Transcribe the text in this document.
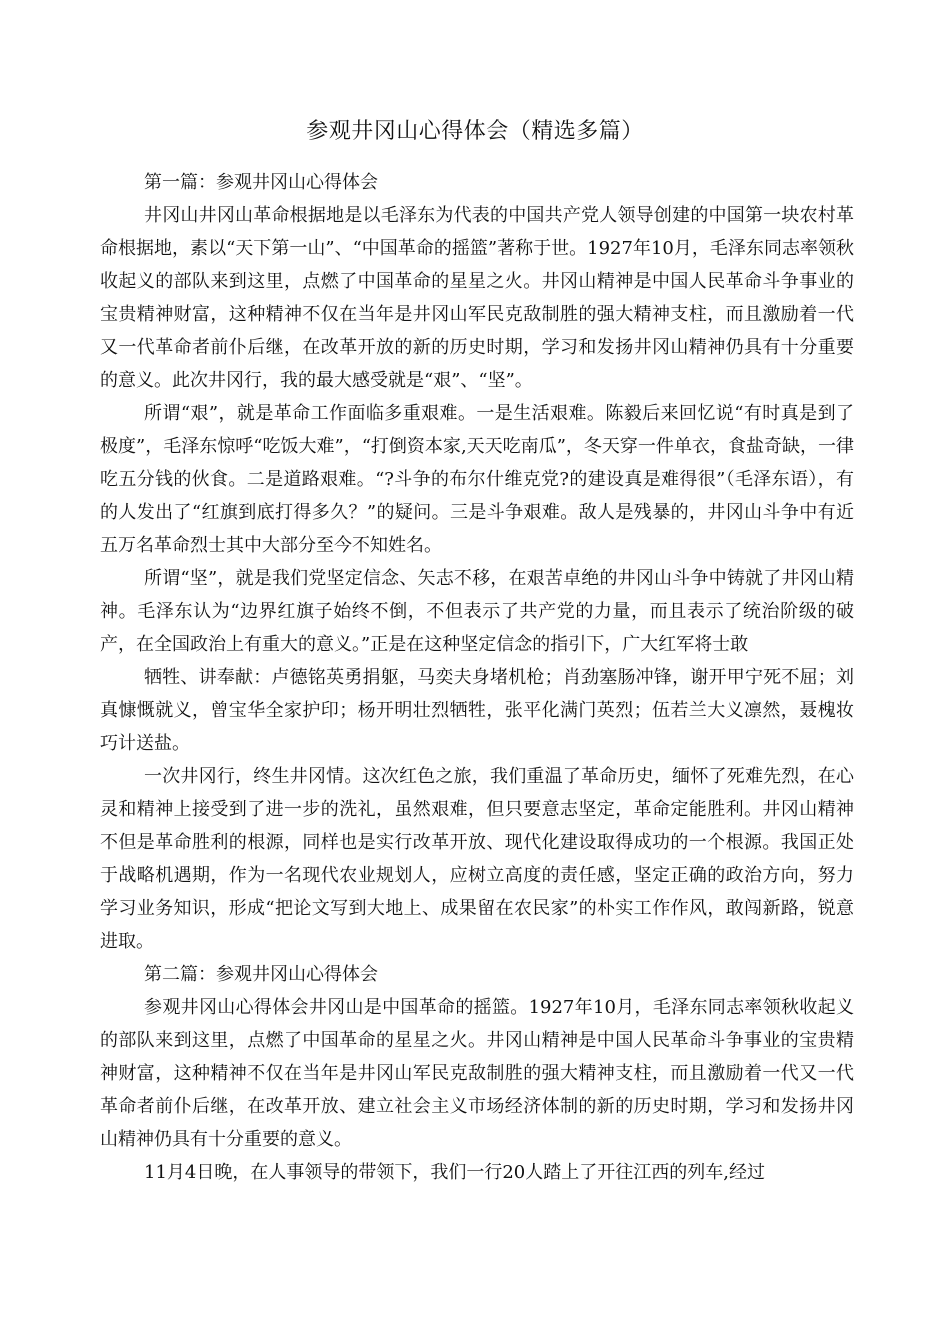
参观井冈山心得体会（精选多篇）

第一篇：参观井冈山心得体会

井冈山井冈山革命根据地是以毛泽东为代表的中国共产党人领导创建的中国第一块农村革命根据地，素以“天下第一山”、“中国革命的摇篮”著称于世。1927年10月，毛泽东同志率领秋收起义的部队来到这里，点燃了中国革命的星星之火。井冈山精神是中国人民革命斗争事业的宝贵精神财富，这种精神不仅在当年是井冈山军民克敌制胜的强大精神支柱，而且激励着一代又一代革命者前仆后继，在改革开放的新的历史时期，学习和发扬井冈山精神仍具有十分重要的意义。此次井冈行，我的最大感受就是“艰”、“坚”。

所谓“艰”，就是革命工作面临多重艰难。一是生活艰难。陈毅后来回忆说“有时真是到了极度”，毛泽东惊呼“吃饭大难”，“打倒资本家,天天吃南瓜”，冬天穿一件单衣，食盐奇缺，一律吃五分钱的伙食。二是道路艰难。“?斗争的布尔什维克党?的建设真是难得很”（毛泽东语），有的人发出了“红旗到底打得多久？”的疑问。三是斗争艰难。敌人是残暴的，井冈山斗争中有近五万名革命烈士其中大部分至今不知姓名。

所谓“坚”，就是我们党坚定信念、矢志不移，在艰苦卓绝的井冈山斗争中铸就了井冈山精神。毛泽东认为“边界红旗子始终不倒，不但表示了共产党的力量，而且表示了统治阶级的破产，在全国政治上有重大的意义。”正是在这种坚定信念的指引下，广大红军将士敢

牺牲、讲奉献：卢德铭英勇捐躯，马奕夫身堵机枪；肖劲塞肠冲锋，谢开甲宁死不屈；刘真慷慨就义，曾宝华全家护印；杨开明壮烈牺牲，张平化满门英烈；伍若兰大义凛然，聂槐妆巧计送盐。

一次井冈行，终生井冈情。这次红色之旅，我们重温了革命历史，缅怀了死难先烈，在心灵和精神上接受到了进一步的洗礼，虽然艰难，但只要意志坚定，革命定能胜利。井冈山精神不但是革命胜利的根源，同样也是实行改革开放、现代化建设取得成功的一个根源。我国正处于战略机遇期，作为一名现代农业规划人，应树立高度的责任感，坚定正确的政治方向，努力学习业务知识，形成“把论文写到大地上、成果留在农民家”的朴实工作作风，敢闯新路，锐意进取。

第二篇：参观井冈山心得体会

参观井冈山心得体会井冈山是中国革命的摇篮。1927年10月，毛泽东同志率领秋收起义的部队来到这里，点燃了中国革命的星星之火。井冈山精神是中国人民革命斗争事业的宝贵精神财富，这种精神不仅在当年是井冈山军民克敌制胜的强大精神支柱，而且激励着一代又一代革命者前仆后继，在改革开放、建立社会主义市场经济体制的新的历史时期，学习和发扬井冈山精神仍具有十分重要的意义。

11月4日晚，在人事领导的带领下，我们一行20人踏上了开往江西的列车,经过
